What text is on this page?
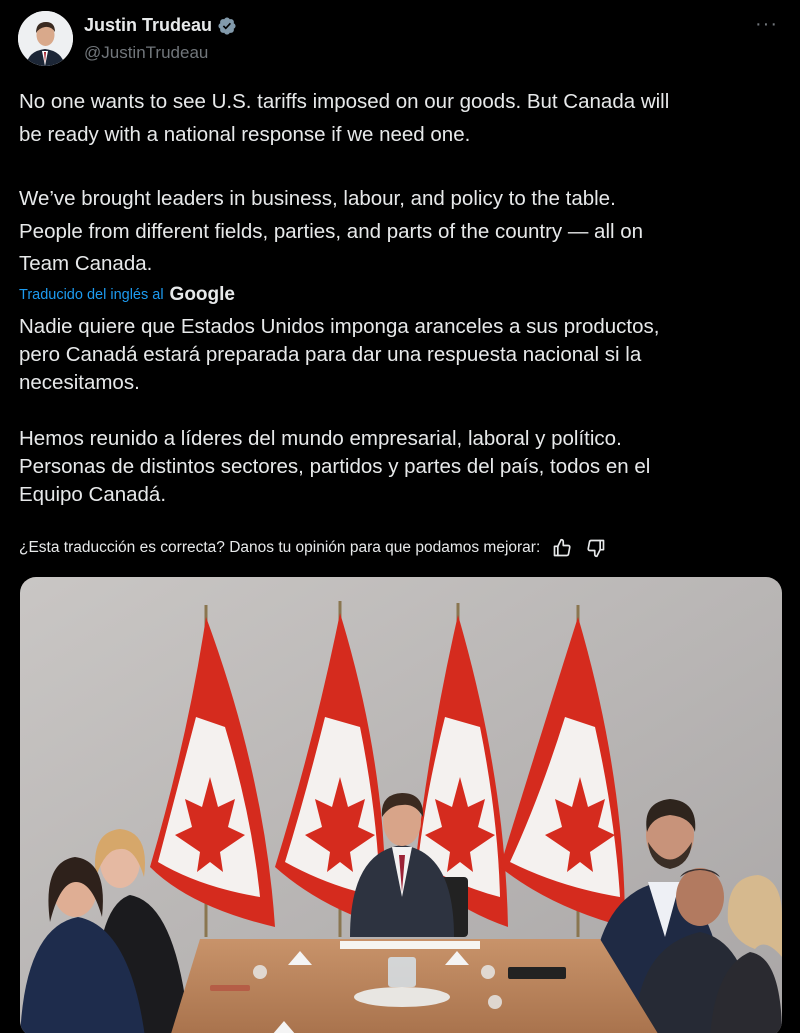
Justin Trudeau
@JustinTrudeau
···

No one wants to see U.S. tariffs imposed on our goods. But Canada will
be ready with a national response if we need one.

We’ve brought leaders in business, labour, and policy to the table.
People from different fields, parties, and parts of the country — all on
Team Canada.

Traducido del inglés al Google

Nadie quiere que Estados Unidos imponga aranceles a sus productos,
pero Canadá estará preparada para dar una respuesta nacional si la
necesitamos.

Hemos reunido a líderes del mundo empresarial, laboral y político.
Personas de distintos sectores, partidos y partes del país, todos en el
Equipo Canadá.

¿Esta traducción es correcta? Danos tu opinión para que podamos mejorar:
